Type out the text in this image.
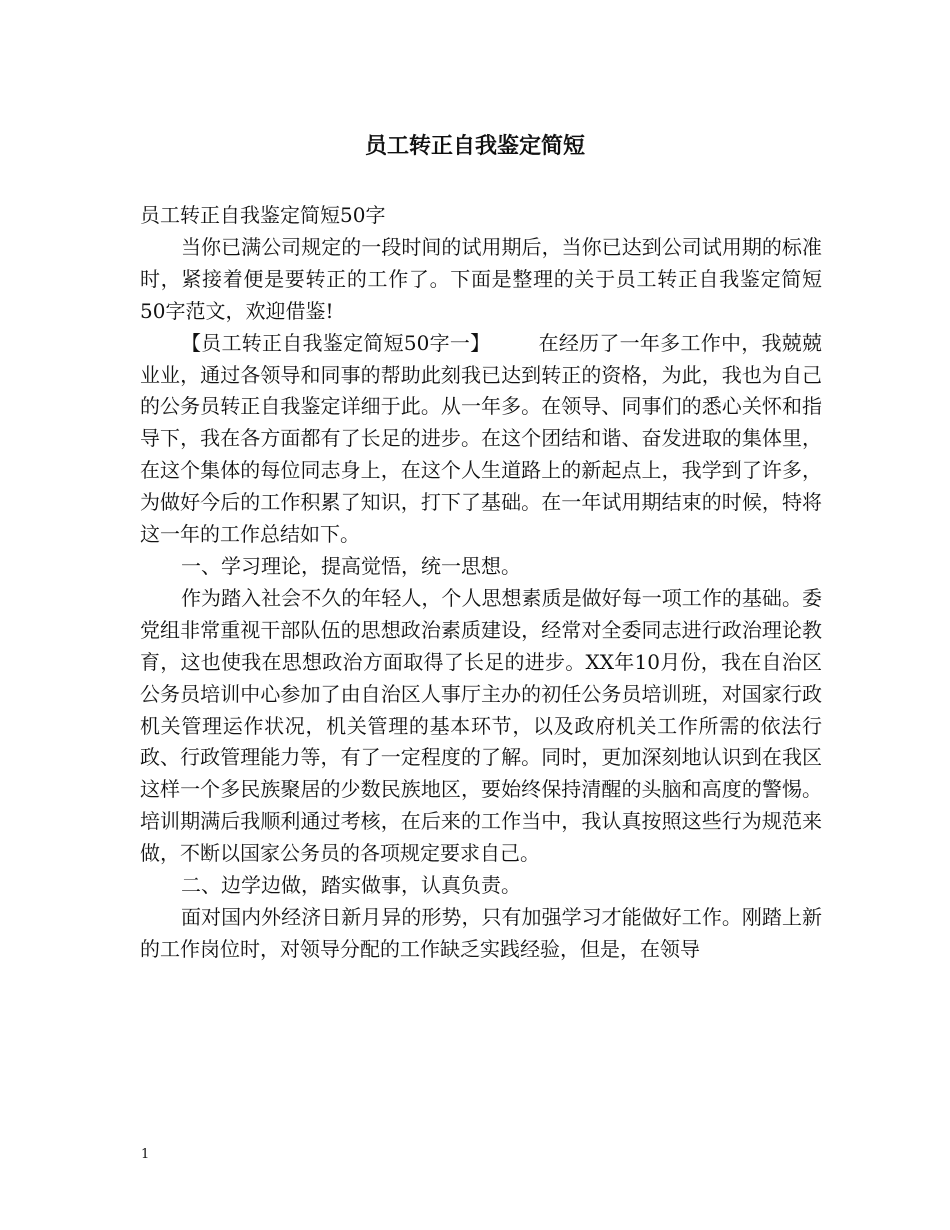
员工转正自我鉴定简短

员工转正自我鉴定简短50字

当你已满公司规定的一段时间的试用期后，当你已达到公司试用期的标准时，紧接着便是要转正的工作了。下面是整理的关于员工转正自我鉴定简短50字范文，欢迎借鉴!

【员工转正自我鉴定简短50字一】 在经历了一年多工作中，我兢兢业业，通过各领导和同事的帮助此刻我已达到转正的资格，为此，我也为自己的公务员转正自我鉴定详细于此。从一年多。在领导、同事们的悉心关怀和指导下，我在各方面都有了长足的进步。在这个团结和谐、奋发进取的集体里，在这个集体的每位同志身上，在这个人生道路上的新起点上，我学到了许多，为做好今后的工作积累了知识，打下了基础。在一年试用期结束的时候，特将这一年的工作总结如下。

一、学习理论，提高觉悟，统一思想。

作为踏入社会不久的年轻人，个人思想素质是做好每一项工作的基础。委党组非常重视干部队伍的思想政治素质建设，经常对全委同志进行政治理论教育，这也使我在思想政治方面取得了长足的进步。XX年10月份，我在自治区公务员培训中心参加了由自治区人事厅主办的初任公务员培训班，对国家行政机关管理运作状况，机关管理的基本环节，以及政府机关工作所需的依法行政、行政管理能力等，有了一定程度的了解。同时，更加深刻地认识到在我区这样一个多民族聚居的少数民族地区，要始终保持清醒的头脑和高度的警惕。培训期满后我顺利通过考核，在后来的工作当中，我认真按照这些行为规范来做，不断以国家公务员的各项规定要求自己。

二、边学边做，踏实做事，认真负责。

面对国内外经济日新月异的形势，只有加强学习才能做好工作。刚踏上新的工作岗位时，对领导分配的工作缺乏实践经验，但是，在领导

1
